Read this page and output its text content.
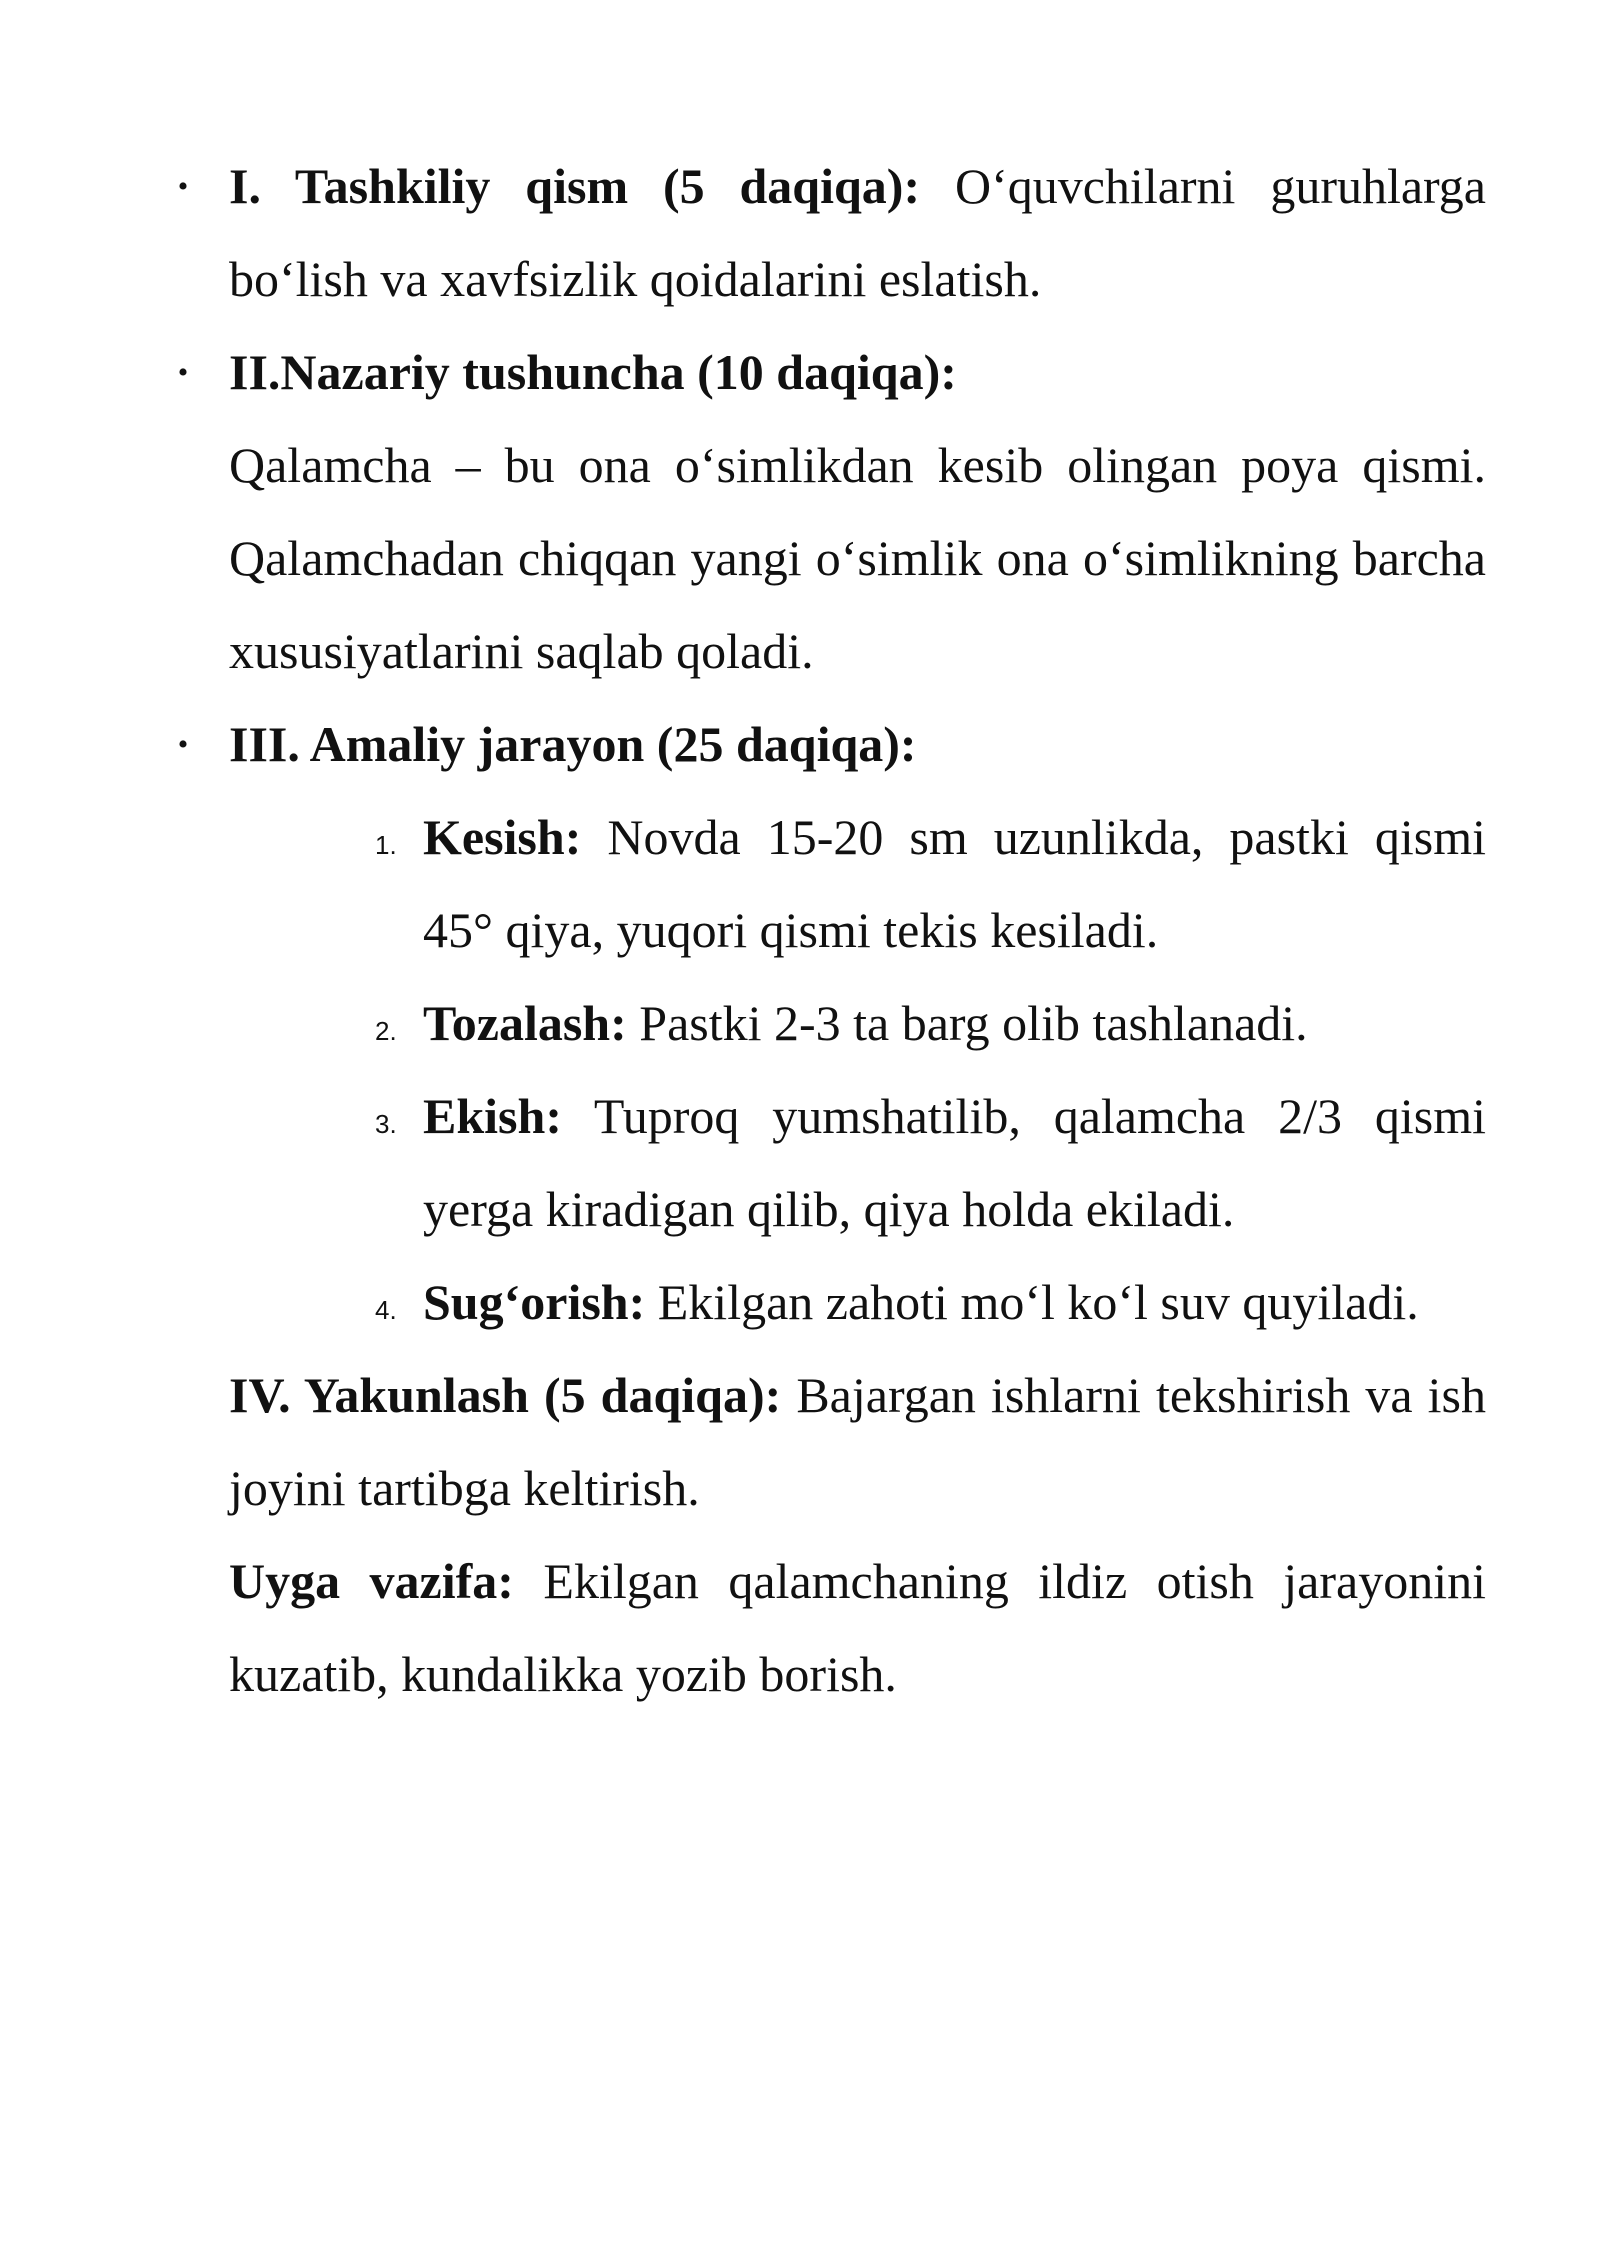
• I. Tashkiliy qism (5 daqiqa): O‘quvchilarni guruhlarga bo‘lish va xavfsizlik qoidalarini eslatish.

• II.Nazariy tushuncha (10 daqiqa):

Qalamcha – bu ona o‘simlikdan kesib olingan poya qismi. Qalamchadan chiqqan yangi o‘simlik ona o‘simlikning barcha xususiyatlarini saqlab qoladi.

• III. Amaliy jarayon (25 daqiqa):

1. Kesish: Novda 15-20 sm uzunlikda, pastki qismi 45° qiya, yuqori qismi tekis kesiladi.

2. Tozalash: Pastki 2-3 ta barg olib tashlanadi.

3. Ekish: Tuproq yumshatilib, qalamcha 2/3 qismi yerga kiradigan qilib, qiya holda ekiladi.

4. Sug‘orish: Ekilgan zahoti mo‘l ko‘l suv quyiladi.

IV. Yakunlash (5 daqiqa): Bajargan ishlarni tekshirish va ish joyini tartibga keltirish.

Uyga vazifa: Ekilgan qalamchaning ildiz otish jarayonini kuzatib, kundalikka yozib borish.
